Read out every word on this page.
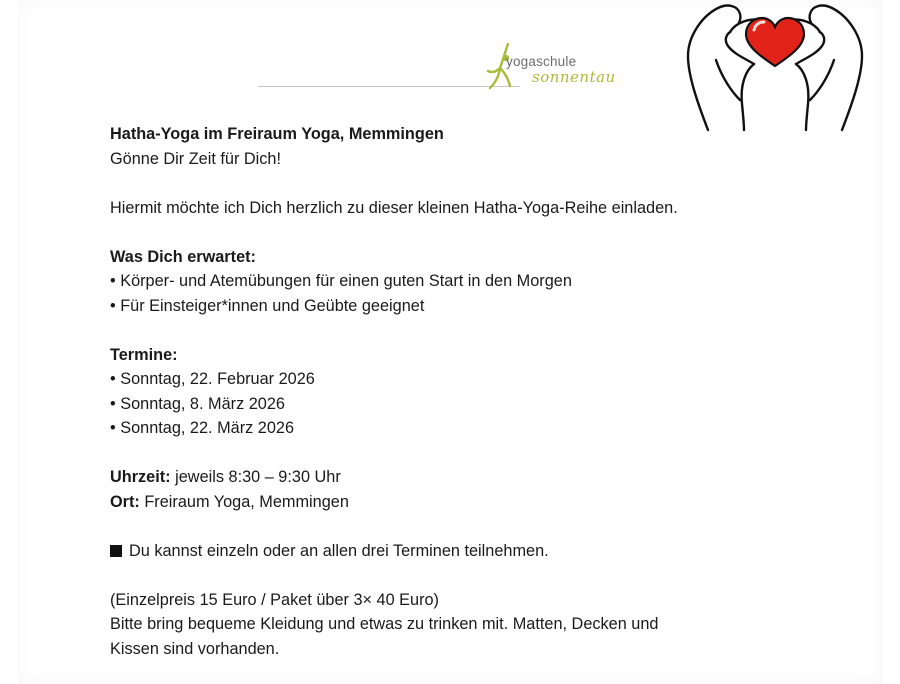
yogaschule
sonnentau
Hatha-Yoga im Freiraum Yoga, Memmingen
Gönne Dir Zeit für Dich!
Hiermit möchte ich Dich herzlich zu dieser kleinen Hatha-Yoga-Reihe einladen.
Was Dich erwartet:
• Körper- und Atemübungen für einen guten Start in den Morgen
• Für Einsteiger*innen und Geübte geeignet
Termine:
• Sonntag, 22. Februar 2026
• Sonntag, 8. März 2026
• Sonntag, 22. März 2026
Uhrzeit: jeweils 8:30 – 9:30 Uhr
Ort: Freiraum Yoga, Memmingen
Du kannst einzeln oder an allen drei Terminen teilnehmen.
(Einzelpreis 15 Euro / Paket über 3× 40 Euro)
Bitte bring bequeme Kleidung und etwas zu trinken mit. Matten, Decken und
Kissen sind vorhanden.
